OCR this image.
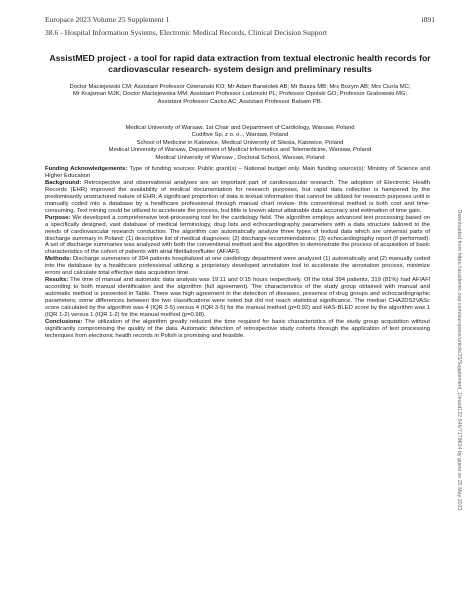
Europace 2023 Volume 25 Supplement 1	i891
38.6 - Hospital Information Systems, Electronic Medical Records, Clinical Decision Support
AssistMED project - a tool for rapid data extraction from textual electronic health records for cardiovascular research- system design and preliminary results
Doctor Maciejewski CM; Assistant Professor Ozieranski KO; Mr Adam Barwiolek AB; Mr Basza MB; Mrs Bozym AB; Mrs Ciurla MC;
Mr Krajsman MJK; Doctor Maciejewska MM; Assistant Professor Lodzinski PL; Professor Opolski GO; Professor Grabowski MG;
Assistant Professor Cacko AC; Assistant Professor Balsam PB.
Medical University of Warsaw, 1st Chair and Department of Cardiology, Warsaw, Poland
Codifive Sp. z o. o.., Warsaw, Poland
School of Medicine in Katowice, Medical University of Silesia, Katowice, Poland
Medical University of Warsaw, Department of Medical Informatics and Telemedicine, Warsaw, Poland
Medical University of Warsaw , Doctoral School, Warsaw, Poland

Funding Acknowledgements: Type of funding sources: Public grant(s) – National budget only. Main funding source(s): Ministry of Science and Higher Education

Background: Retrospective and observational analyses are an important part of cardiovascular research. The adoption of Electronic Health Records (EHR) improved the availability of medical documentation for research purposes, but rapid data collection is hampered by the predominantly unstructured nature of EHR. A significant proportion of data is textual information that cannot be utilized for research purposes until is manually coded into a database by a healthcare professional through manual chart review- this conventional method is both cost and time- consuming. Text mining could be utilized to accelerate the process, but little is known about attainable data accuracy and estimation of time gain.

Purpose: We developed a comprehensive text-processing tool for the cardiology field. The algorithm employs advanced text processing based on a specifically designed, vast database of medical terminology, drug lists and echocardiography parameters with a data structure tailored to the needs of cardiovascular research conduction. The algorithm can automatically analyze three types of textual data which are universal parts of discharge summary in Poland: (1) descriptive list of medical diagnoses; (2) discharge recommendations; (3) echocardiography report (if performed). A set of discharge summaries was analyzed with both the conventional method and the algorithm to demonstrate the process of acquisition of basic characteristics of the cohort of patients with atrial fibrillation/flutter (AF/AFl).

Methods: Discharge summaries of 394 patients hospitalized at one cardiology department were analyzed (1) automatically and (2) manually coded into the database by a healthcare professional utilizing a proprietary developed annotation tool to accelerate the annotation process, minimize errors and calculate total effective data acquisition time.

Results: The time of manual and automatic data analysis was 19:11 and 0:15 hours respectively. Of the total 394 patients, 319 (81%) had AF/AFl according to both manual identification and the algorithm (full agreement). The characteristics of the study group obtained with manual and automatic method is presented in Table. There was high agreement in the detection of diseases, presence of drug groups and echocardiographic parameters; some differences between the two classifications were noted but did not reach statistical significance. The median CHA2DS2VASc score calculated by the algorithm was 4 (IQR 3-5) versus 4 (IQR 3-5) for the manual method (p=0.92) and HAS-BLED score by the algorithm was 1 (IQR 1-2) versus 1 (IQR 1-2) for the manual method (p=0.98).

Conclusions: The utilization of the algorithm greatly reduced the time required for basic characteristics of the study group acquisition without significantly compromising the quality of the data. Automatic detection of retrospective study cohorts through the application of text processing techniques from electronic health records in Polish is promising and feasible.	Downloaded from https://academic.oup.com/europace/article/25/Supplement_1/euad122.546/7178624 by guest on 25 May 2023
